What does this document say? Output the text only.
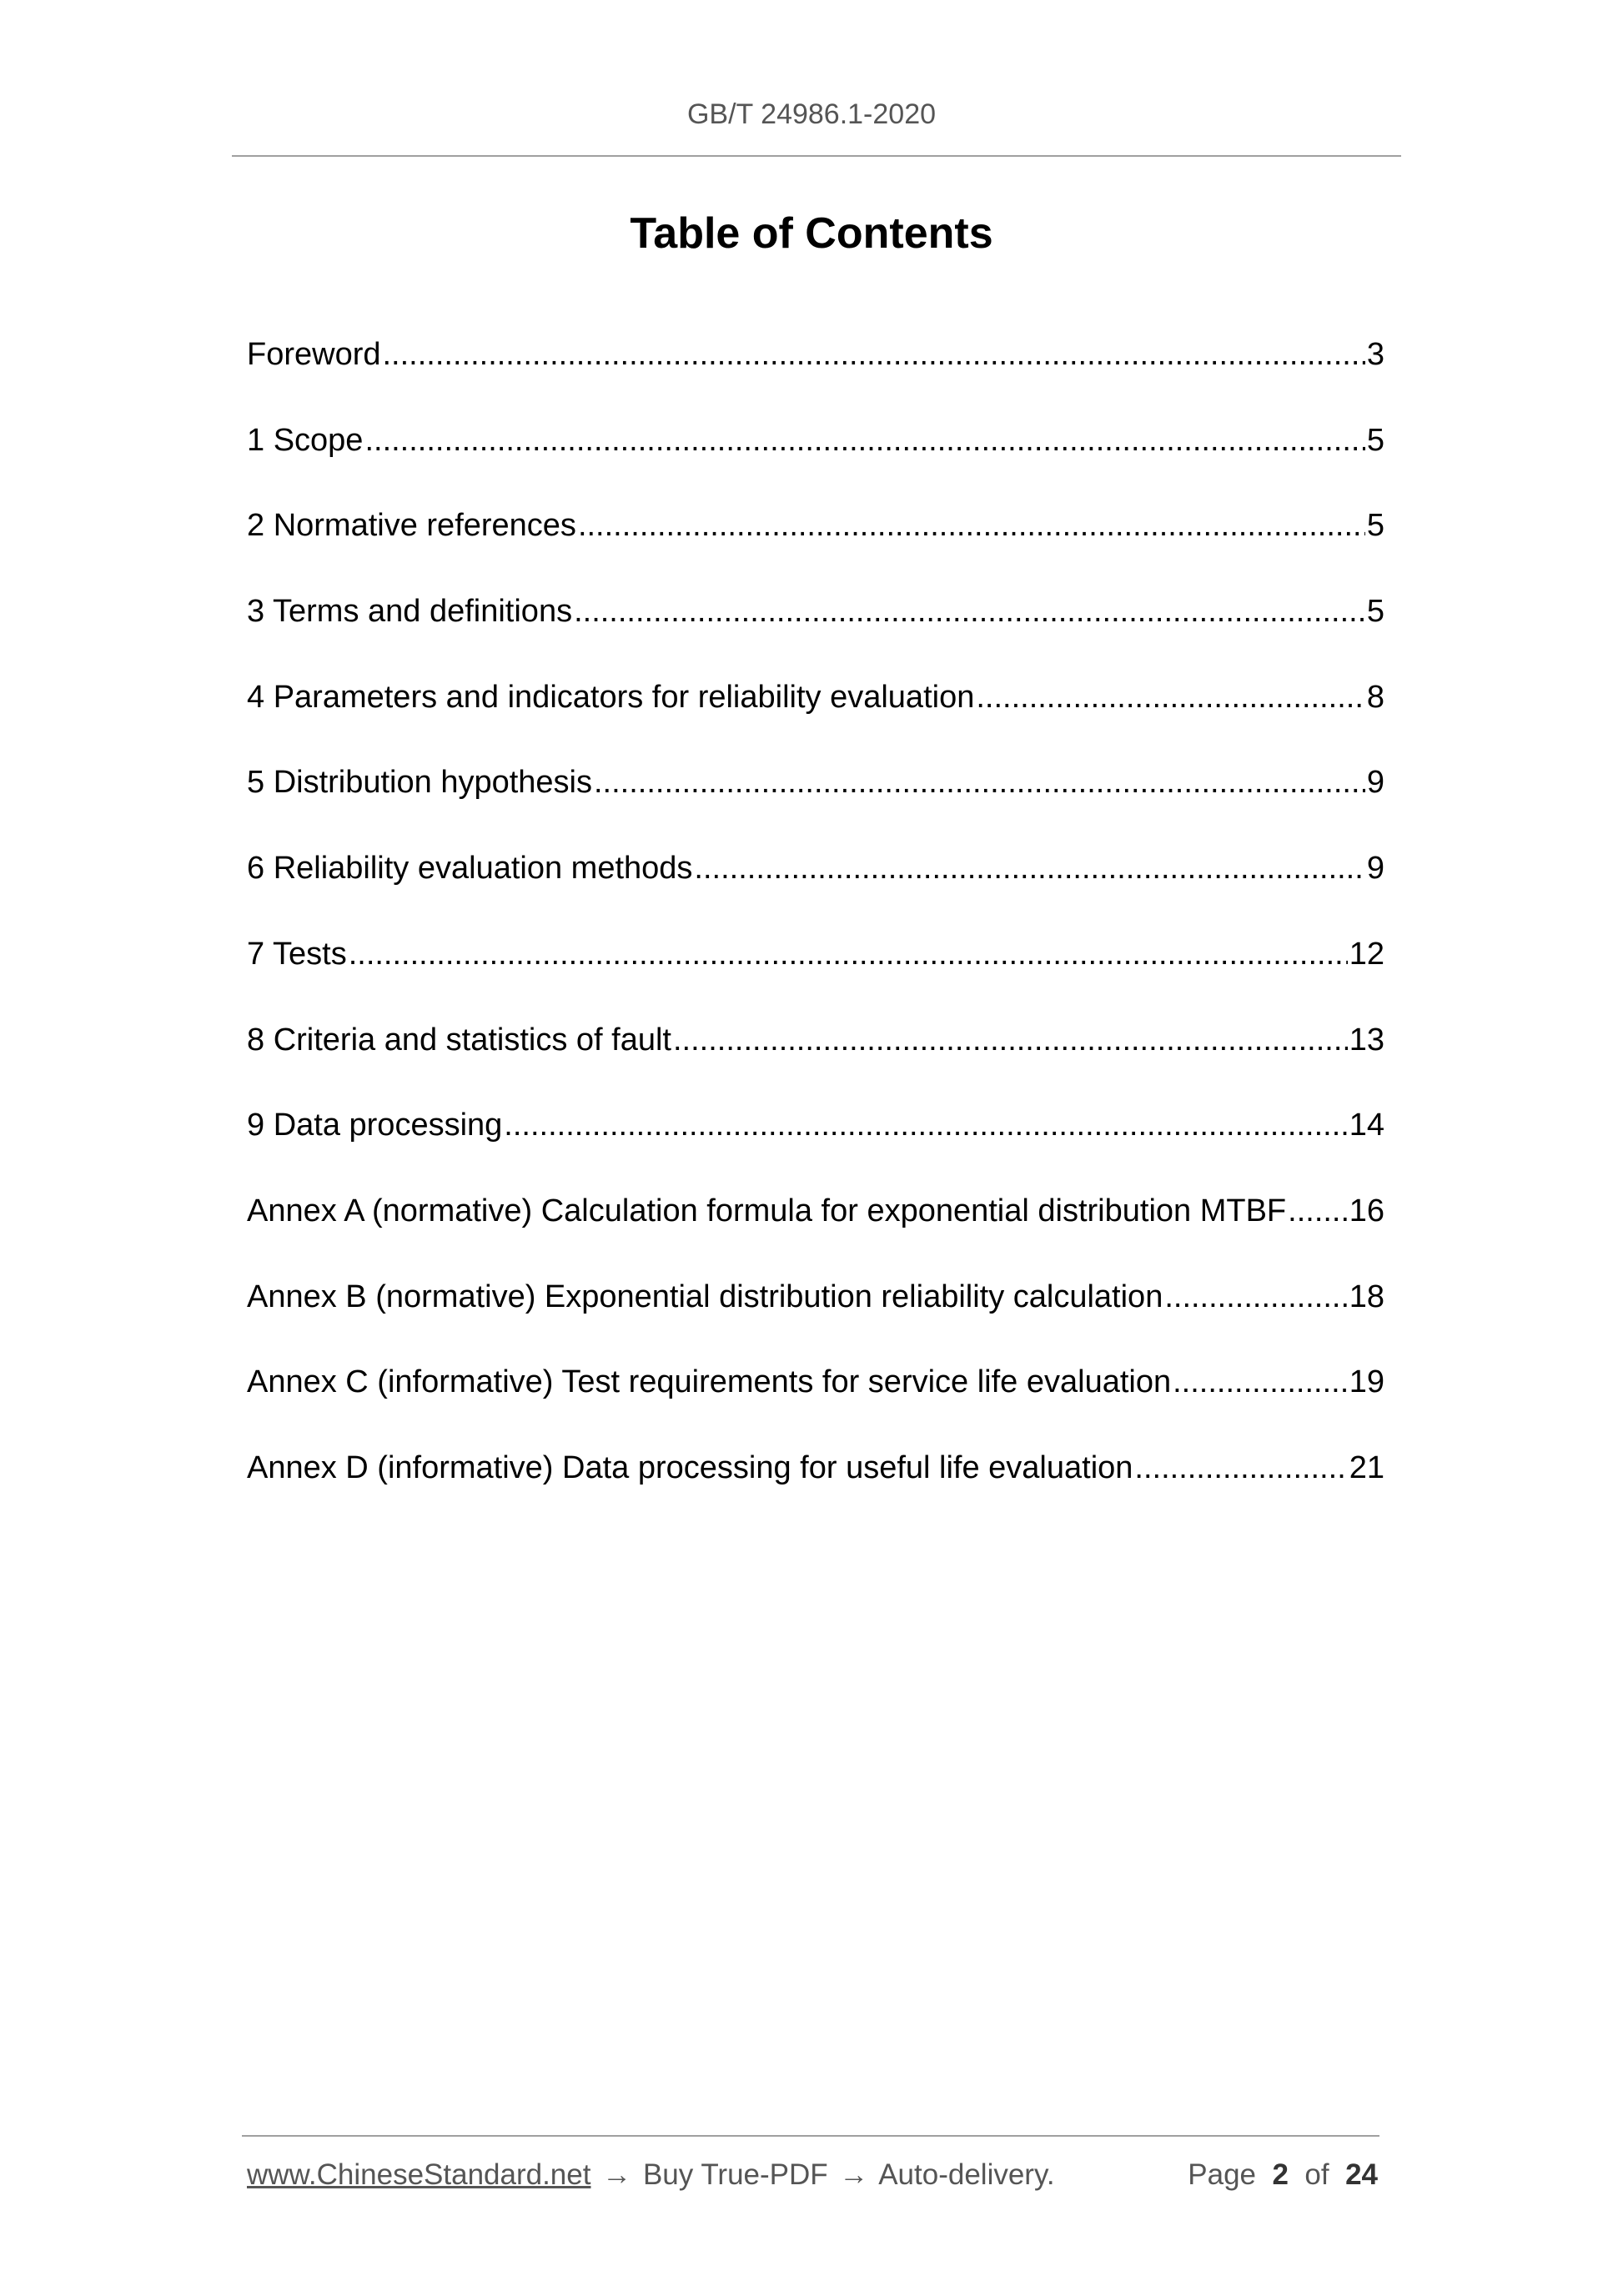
GB/T 24986.1-2020
Table of Contents
Foreword .....	3
1 Scope .....	5
2 Normative references .....	5
3 Terms and definitions .....	5
4 Parameters and indicators for reliability evaluation .....	8
5 Distribution hypothesis .....	9
6 Reliability evaluation methods .....	9
7 Tests .....	12
8 Criteria and statistics of fault .....	13
9 Data processing .....	14
Annex A (normative) Calculation formula for exponential distribution MTBF ..... 16
Annex B (normative) Exponential distribution reliability calculation .....	18
Annex C (informative) Test requirements for service life evaluation .....	19
Annex D (informative) Data processing for useful life evaluation .....	21
www.ChineseStandard.net → Buy True-PDF → Auto-delivery.	Page 2 of 24
